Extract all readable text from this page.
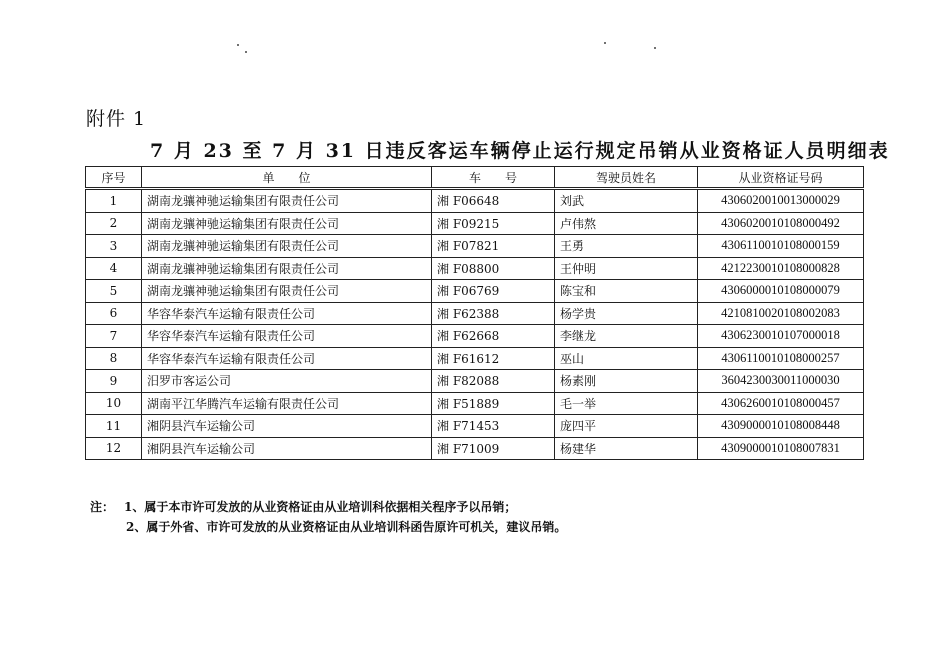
附件 1
7 月 23 至 7 月 31 日违反客运车辆停止运行规定吊销从业资格证人员明细表
序号	单　　位	车　　号	驾驶员姓名	从业资格证号码
1	湖南龙骧神驰运输集团有限责任公司	湘 F06648	刘武	4306020010013000029
2	湖南龙骧神驰运输集团有限责任公司	湘 F09215	卢伟熬	4306020010108000492
3	湖南龙骧神驰运输集团有限责任公司	湘 F07821	王勇	4306110010108000159
4	湖南龙骧神驰运输集团有限责任公司	湘 F08800	王仲明	4212230010108000828
5	湖南龙骧神驰运输集团有限责任公司	湘 F06769	陈宝和	4306000010108000079
6	华容华泰汽车运输有限责任公司	湘 F62388	杨学贵	4210810020108002083
7	华容华泰汽车运输有限责任公司	湘 F62668	李继龙	4306230010107000018
8	华容华泰汽车运输有限责任公司	湘 F61612	巫山	4306110010108000257
9	汨罗市客运公司	湘 F82088	杨素刚	3604230030011000030
10	湖南平江华腾汽车运输有限责任公司	湘 F51889	毛一举	4306260010108000457
11	湘阴县汽车运输公司	湘 F71453	庞四平	4309000010108008448
12	湘阴县汽车运输公司	湘 F71009	杨建华	4309000010108007831
注： 1、属于本市许可发放的从业资格证由从业培训科依据相关程序予以吊销；
2、属于外省、市许可发放的从业资格证由从业培训科函告原许可机关，建议吊销。
